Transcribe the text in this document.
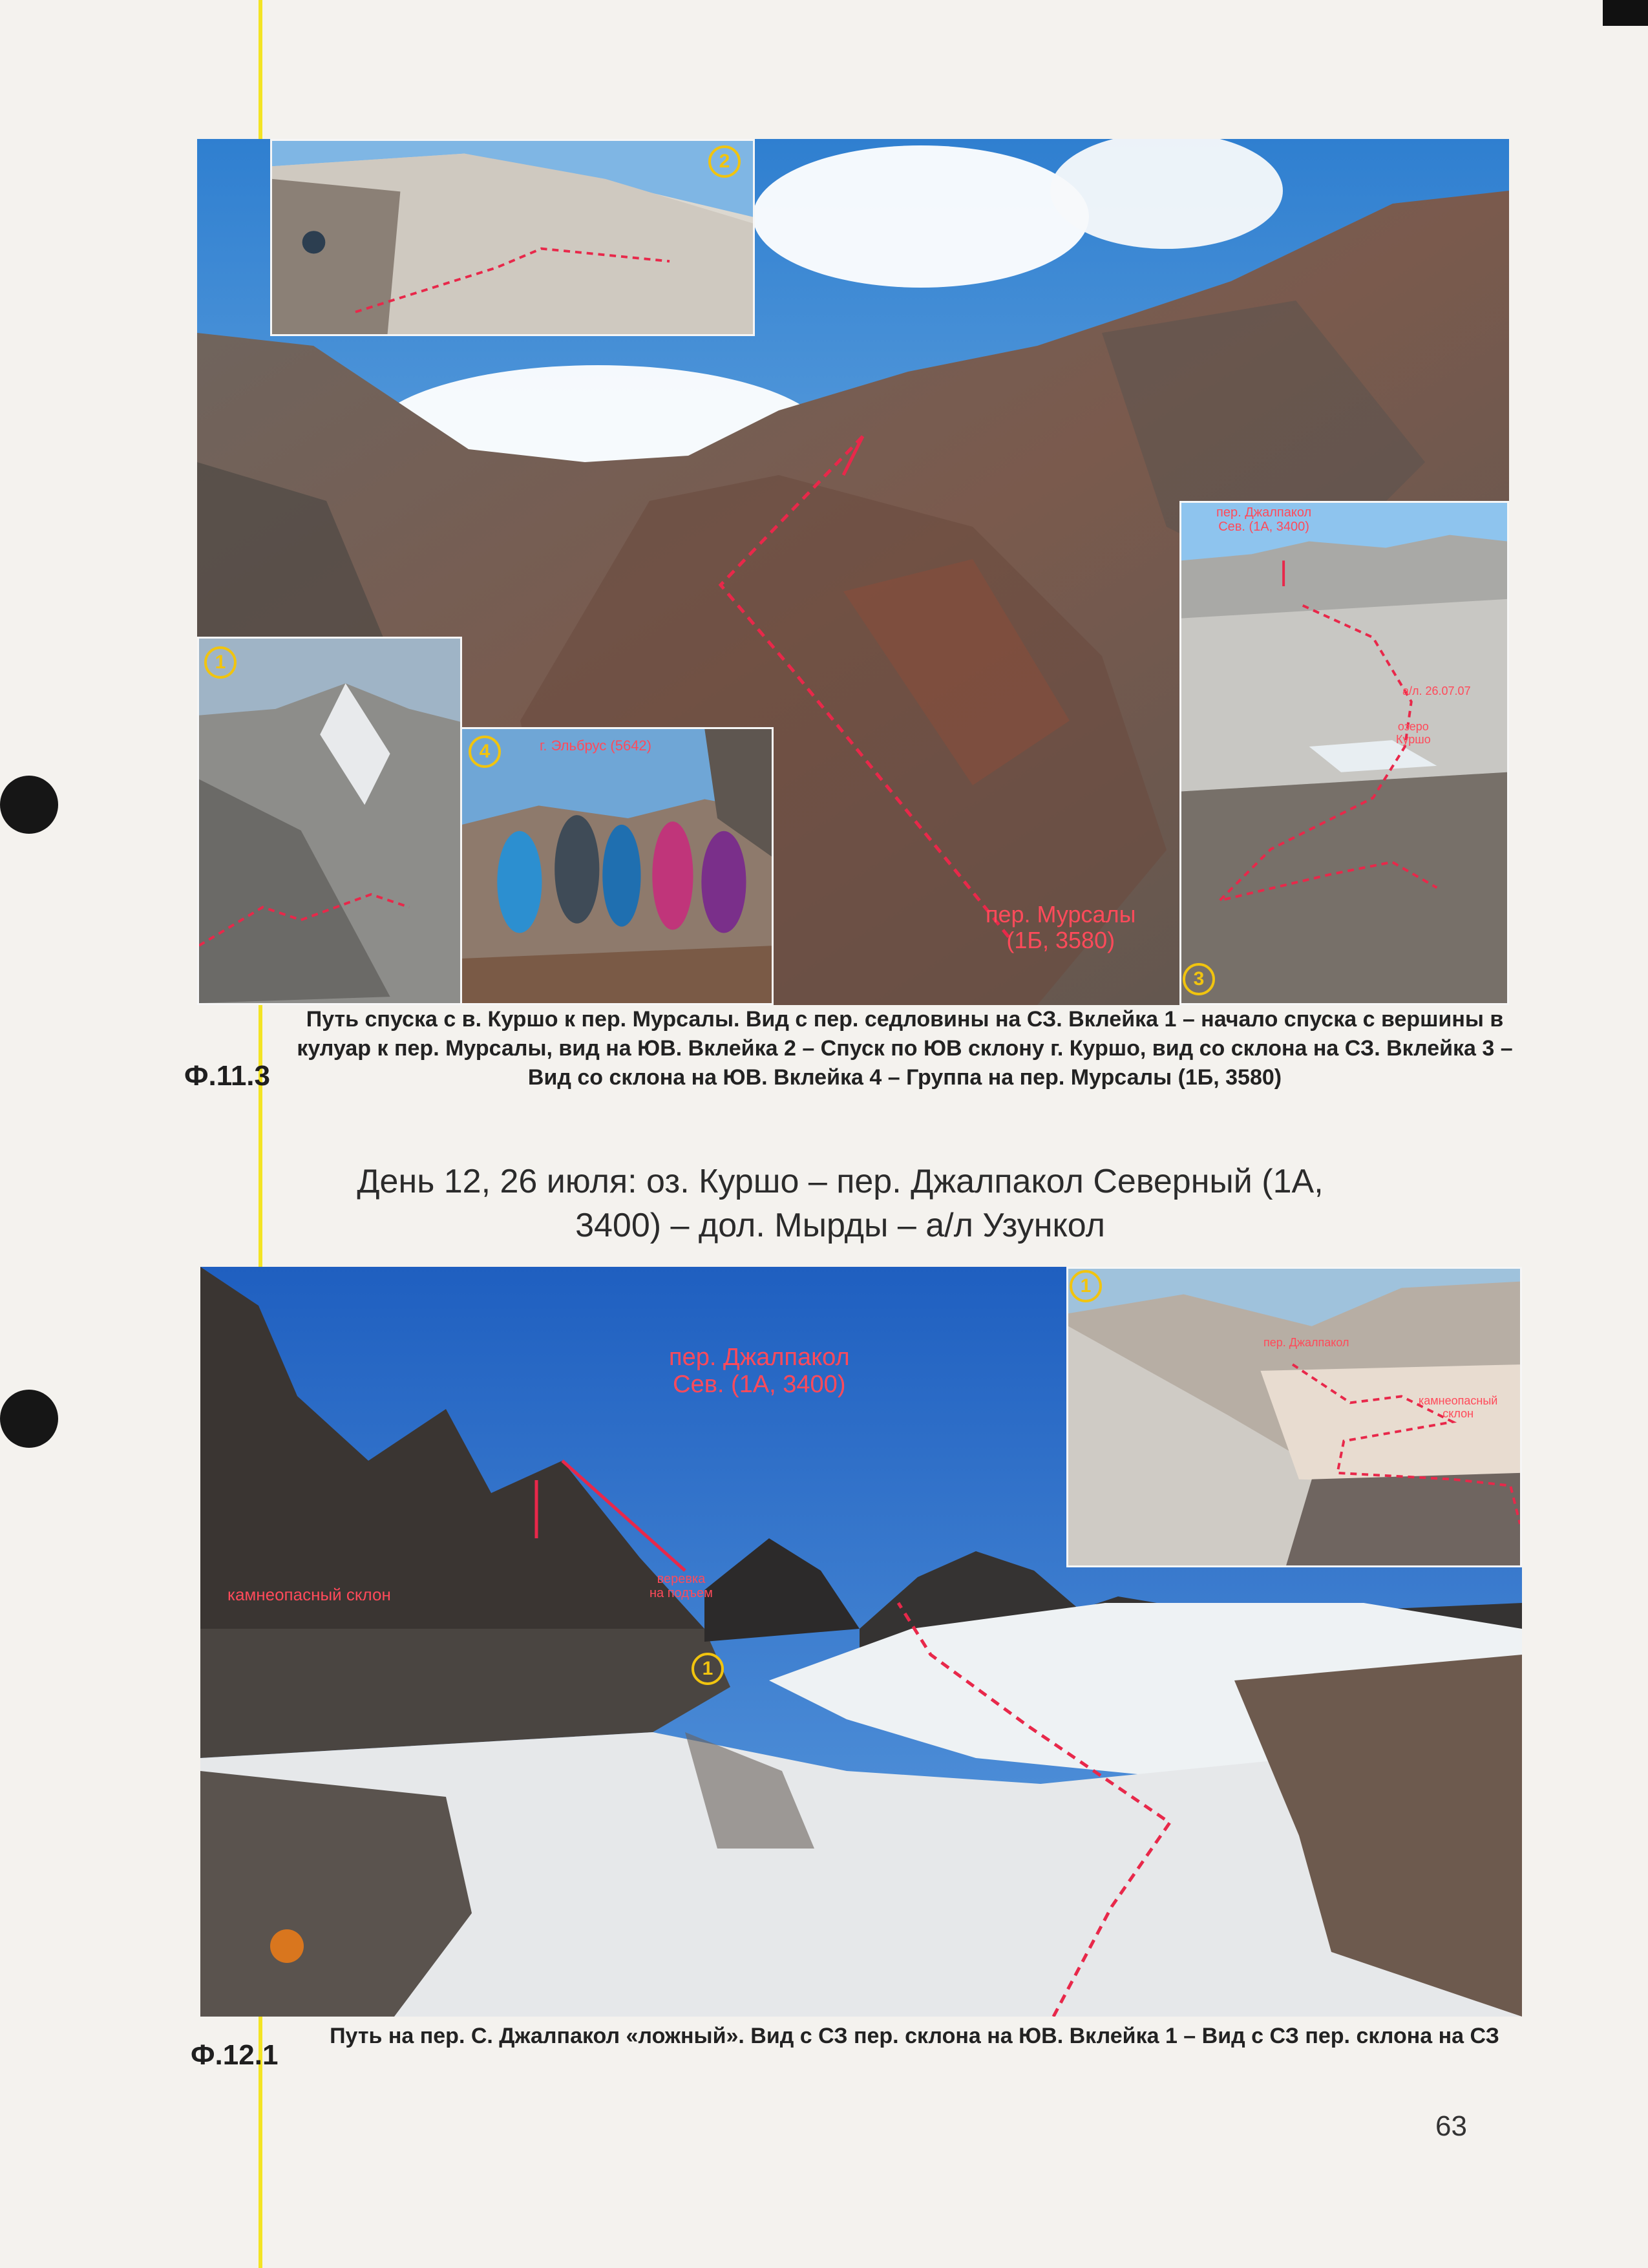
пер. Мурсалы
(1Б, 3580)
2
1
4	г. Эльбрус (5642)
пер. Джалпакол
Сев. (1А, 3400)
а/л. 26.07.07
озеро
Куршо
3
Ф.11.3
Путь спуска с в. Куршо к пер. Мурсалы. Вид с пер. седловины на СЗ. Вклейка 1 – начало спуска с вершины в кулуар к пер. Мурсалы, вид на ЮВ. Вклейка 2 – Спуск по ЮВ склону г. Куршо, вид со склона на СЗ. Вклейка 3 – Вид со склона на ЮВ. Вклейка 4 – Группа на пер. Мурсалы (1Б, 3580)
День 12, 26 июля: оз. Куршо – пер. Джалпакол Северный (1А,
3400) – дол. Мырды – а/л Узункол
1
пер. Джалпакол
камнеопасный
склон
пер. Джалпакол
Сев. (1А, 3400)
камнеопасный склон
веревка
на подъем
1
Ф.12.1
Путь на пер. С. Джалпакол «ложный». Вид с СЗ пер. склона на ЮВ. Вклейка 1 – Вид с СЗ пер. склона на СЗ
63
